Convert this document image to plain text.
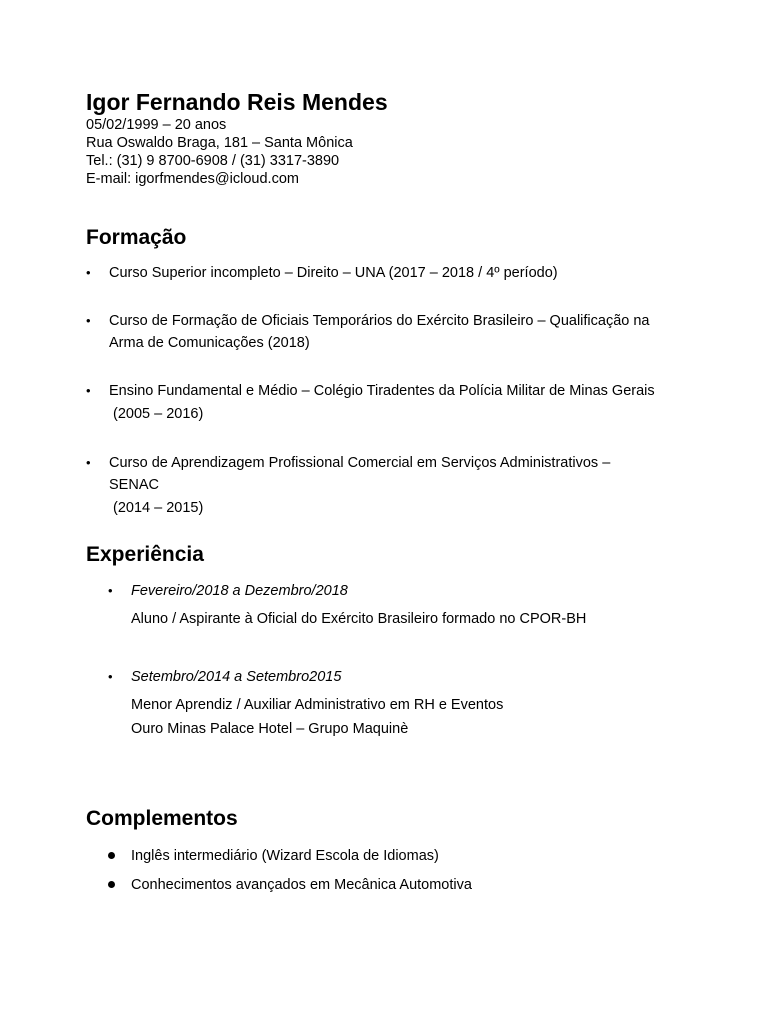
Igor Fernando Reis Mendes
05/02/1999 – 20 anos
Rua Oswaldo Braga, 181 – Santa Mônica
Tel.: (31) 9 8700-6908 / (31) 3317-3890
E-mail: igorfmendes@icloud.com
Formação
• Curso Superior incompleto – Direito – UNA (2017 – 2018 / 4º período)
• Curso de Formação de Oficiais Temporários do Exército Brasileiro – Qualificação na
Arma de Comunicações (2018)
• Ensino Fundamental e Médio – Colégio Tiradentes da Polícia Militar de Minas Gerais
(2005 – 2016)
• Curso de Aprendizagem Profissional Comercial em Serviços Administrativos –
SENAC
(2014 – 2015)
Experiência
• Fevereiro/2018 a Dezembro/2018
Aluno / Aspirante à Oficial do Exército Brasileiro formado no CPOR-BH
• Setembro/2014 a Setembro2015
Menor Aprendiz / Auxiliar Administrativo em RH e Eventos
Ouro Minas Palace Hotel – Grupo Maquinè
Complementos
Inglês intermediário (Wizard Escola de Idiomas)
Conhecimentos avançados em Mecânica Automotiva
